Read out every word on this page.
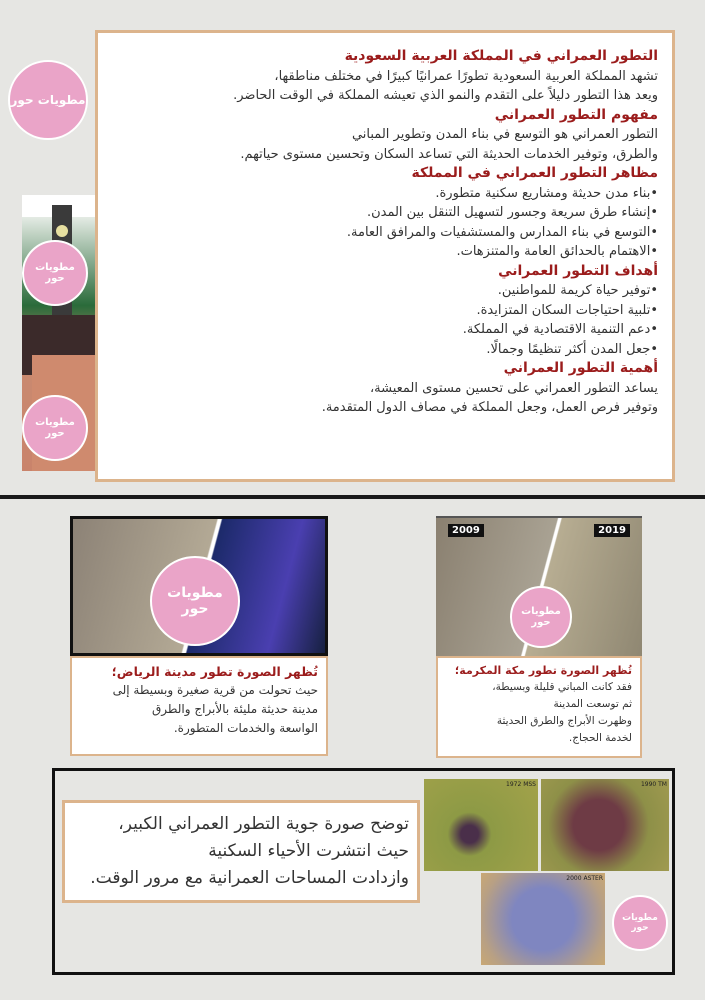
التطور العمراني في المملكة العربية السعودية

تشهد المملكة العربية السعودية تطورًا عمرانيًا كبيرًا في مختلف مناطقها،

ويعد هذا التطور دليلاً على التقدم والنمو الذي تعيشه المملكة في الوقت الحاضر.

مفهوم التطور العمراني

التطور العمراني هو التوسع في بناء المدن وتطوير المباني

والطرق، وتوفير الخدمات الحديثة التي تساعد السكان وتحسين مستوى حياتهم.

مظاهر التطور العمراني في المملكة

•بناء مدن حديثة ومشاريع سكنية متطورة.

•إنشاء طرق سريعة وجسور لتسهيل التنقل بين المدن.

•التوسع في بناء المدارس والمستشفيات والمرافق العامة.

•الاهتمام بالحدائق العامة والمتنزهات.

أهداف التطور العمراني

•توفير حياة كريمة للمواطنين.

•تلبية احتياجات السكان المتزايدة.

•دعم التنمية الاقتصادية في المملكة.

•جعل المدن أكثر تنظيمًا وجمالًا.

أهمية التطور العمراني

يساعد التطور العمراني على تحسين مستوى المعيشة،

وتوفير فرص العمل، وجعل المملكة في مصاف الدول المتقدمة.

تُظهر الصورة تطور مدينة الرياض؛

حيث تحولت من قرية صغيرة وبسيطة إلى

مدينة حديثة مليئة بالأبراج والطرق

الواسعة والخدمات المتطورة.

2009	2019
تُظهر الصورة تطور مكة المكرمة؛

فقد كانت المباني قليلة وبسيطة،

ثم توسعت المدينة

وظهرت الأبراج والطرق الحديثة

لخدمة الحجاج.

توضح صورة جوية التطور العمراني الكبير،

حيث انتشرت الأحياء السكنية

وازدادت المساحات العمرانية مع مرور الوقت.

1972 MSS	1990 TM
2000 ASTER
مطويات حور
مطويات حور
مطويات حور
مطويات حور	مطويات حور
مطويات حور
